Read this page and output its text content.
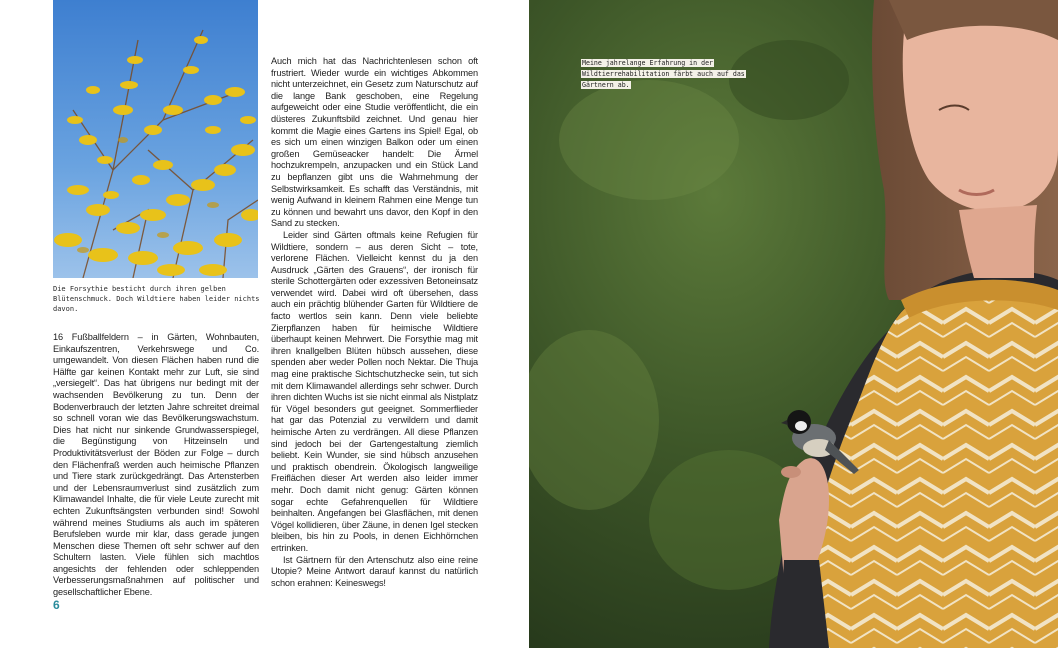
Die Forsythie besticht durch ihren gelben Blütenschmuck. Doch Wildtiere haben leider nichts davon.

16 Fußballfeldern – in Gärten, Wohnbauten, Einkaufszentren, Verkehrswege und Co. umgewandelt. Von diesen Flächen haben rund die Hälfte gar keinen Kontakt mehr zur Luft, sie sind „versiegelt“. Das hat übrigens nur bedingt mit der wachsenden Bevölkerung zu tun. Denn der Bodenverbrauch der letzten Jahre schreitet dreimal so schnell voran wie das Bevölkerungswachstum. Dies hat nicht nur sinkende Grundwasserspiegel, die Begünstigung von Hitzeinseln und Produktivitätsverlust der Böden zur Folge – durch den Flächenfraß werden auch heimische Pflanzen und Tiere stark zurückgedrängt. Das Artensterben und der Lebensraumverlust sind zusätzlich zum Klimawandel Inhalte, die für viele Leute zurecht mit echten Zukunftsängsten verbunden sind! Sowohl während meines Studiums als auch im späteren Berufsleben wurde mir klar, dass gerade jungen Menschen diese Themen oft sehr schwer auf den Schultern lasten. Viele fühlen sich machtlos angesichts der fehlenden oder schleppenden Verbesserungsmaßnahmen auf politischer und gesellschaftlicher Ebene.

Auch mich hat das Nachrichtenlesen schon oft frustriert. Wieder wurde ein wichtiges Abkommen nicht unterzeichnet, ein Gesetz zum Naturschutz auf die lange Bank geschoben, eine Regelung aufgeweicht oder eine Studie veröffentlicht, die ein düsteres Zukunftsbild zeichnet. Und genau hier kommt die Magie eines Gartens ins Spiel! Egal, ob es sich um einen winzigen Balkon oder um einen großen Gemüseacker handelt: Die Ärmel hochzukrempeln, anzupacken und ein Stück Land zu bepflanzen gibt uns die Wahrnehmung der Selbstwirksamkeit. Es schafft das Verständnis, mit wenig Aufwand in kleinem Rahmen eine Menge tun zu können und bewahrt uns davor, den Kopf in den Sand zu stecken.

Leider sind Gärten oftmals keine Refugien für Wildtiere, sondern – aus deren Sicht – tote, verlorene Flächen. Vielleicht kennst du ja den Ausdruck „Gärten des Grauens“, der ironisch für sterile Schottergärten oder exzessiven Betoneinsatz verwendet wird. Dabei wird oft übersehen, dass auch ein prächtig blühender Garten für Wildtiere de facto wertlos sein kann. Denn viele beliebte Zierpflanzen haben für heimische Wildtiere überhaupt keinen Mehrwert. Die Forsythie mag mit ihren knallgelben Blüten hübsch aussehen, diese spenden aber weder Pollen noch Nektar. Die Thuja mag eine praktische Sichtschutzhecke sein, tut sich mit dem Klimawandel allerdings sehr schwer. Durch ihren dichten Wuchs ist sie nicht einmal als Nistplatz für Vögel besonders gut geeignet. Sommerflieder hat gar das Potenzial zu verwildern und damit heimische Arten zu verdrängen. All diese Pflanzen sind jedoch bei der Gartengestaltung ziemlich beliebt. Kein Wunder, sie sind hübsch anzusehen und praktisch obendrein. Ökologisch langweilige Freiflächen dieser Art werden also leider immer mehr. Doch damit nicht genug: Gärten können sogar echte Gefahrenquellen für Wildtiere beinhalten. Angefangen bei Glasflächen, mit denen Vögel kollidieren, über Zäune, in denen Igel stecken bleiben, bis hin zu Pools, in denen Eichhörnchen ertrinken.

Ist Gärtnern für den Artenschutz also eine reine Utopie? Meine Antwort darauf kannst du natürlich schon erahnen: Keineswegs!

6

Meine jahrelange Erfahrung in der Wildtierrehabilitation färbt auch auf das Gärtnern ab.
